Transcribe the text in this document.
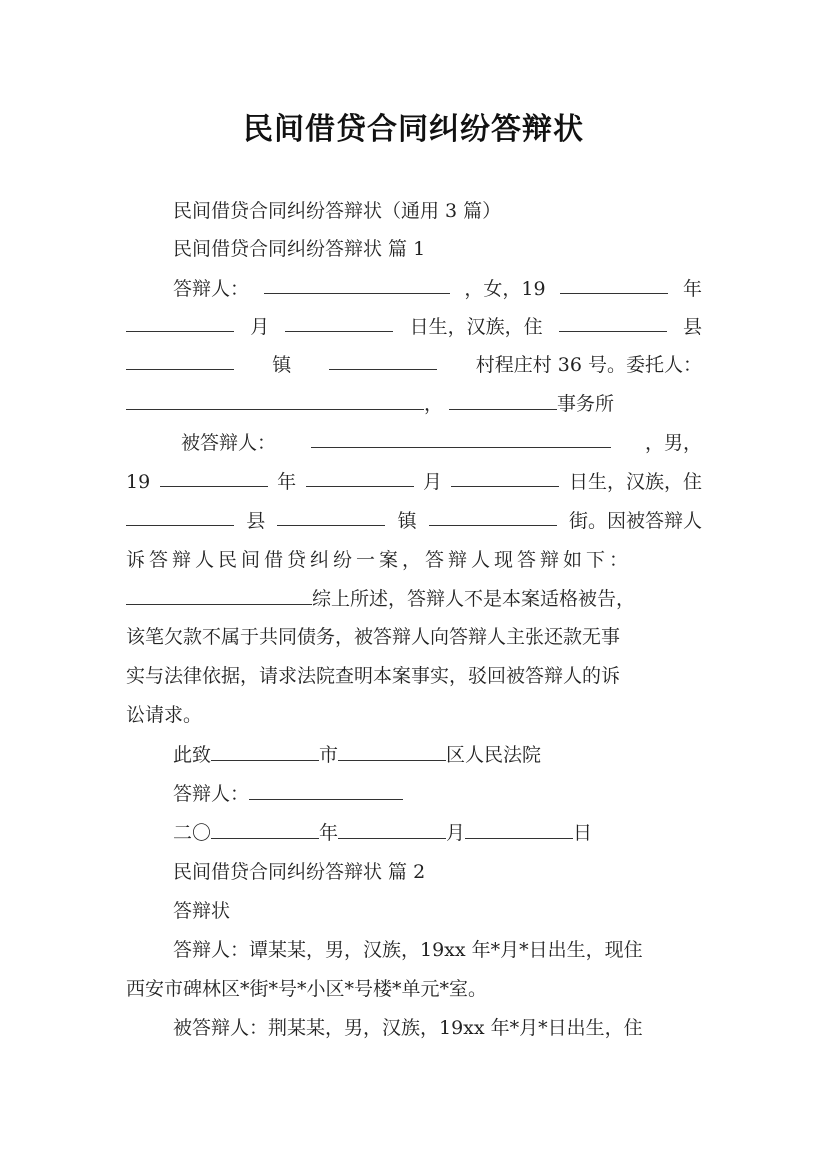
民间借贷合同纠纷答辩状
民间借贷合同纠纷答辩状（通用 3 篇）
民间借贷合同纠纷答辩状 篇 1
答辩人：	，女，19	年
月	日生，汉族，住	县
镇	村程庄村 36 号。委托人：
，	事务所
被答辩人：	，男，
19	年	月	日生，汉族，住
县	镇	街。因被答辩人
诉答辩人民间借贷纠纷一案，答辩人现答辩如下：
综上所述，答辩人不是本案适格被告，
该笔欠款不属于共同债务，被答辩人向答辩人主张还款无事
实与法律依据，请求法院查明本案事实，驳回被答辩人的诉
讼请求。
此致	市	区人民法院
答辩人：
二〇	年	月	日
民间借贷合同纠纷答辩状 篇 2
答辩状
答辩人：谭某某，男，汉族，19xx 年*月*日出生，现住
西安市碑林区*街*号*小区*号楼*单元*室。
被答辩人：荆某某，男，汉族，19xx 年*月*日出生，住
